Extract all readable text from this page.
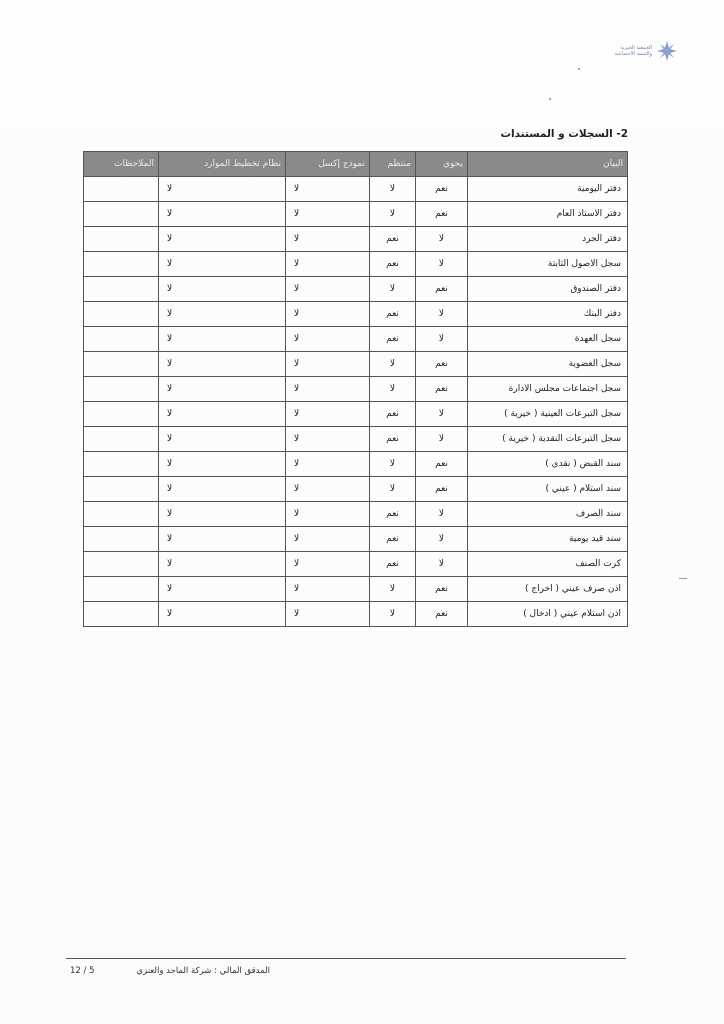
الجمعية الخيرية
والتنمية الاجتماعية
2- السجلات و المستندات
البيان	يحوي	منتظم	نموذج إكسل	نظام تخطيط الموارد	الملاحظات
دفتر اليومية	نعم	لا	لا	لا	
دفتر الاستاذ العام	نعم	لا	لا	لا	
دفتر الجرد	لا	نعم	لا	لا	
سجل الاصول الثابتة	لا	نعم	لا	لا	
دفتر الصندوق	نعم	لا	لا	لا	
دفتر البنك	لا	نعم	لا	لا	
سجل العهدة	لا	نعم	لا	لا	
سجل العضوية	نعم	لا	لا	لا	
سجل اجتماعات مجلس الادارة	نعم	لا	لا	لا	
سجل التبرعات العينية ( خيرية )	لا	نعم	لا	لا	
سجل التبرعات النقدية ( خيرية )	لا	نعم	لا	لا	
سند القبض ( نقدي )	نعم	لا	لا	لا	
سند استلام ( عيني )	نعم	لا	لا	لا	
سند الصرف	لا	نعم	لا	لا	
سند قيد يومية	لا	نعم	لا	لا	
كرت الصنف	لا	نعم	لا	لا	
اذن صرف عيني ( اخراج )	نعم	لا	لا	لا	
اذن استلام عيني ( ادخال )	نعم	لا	لا	لا	
المدقق المالي : شركة الماجد والعنزي
5 / 12
